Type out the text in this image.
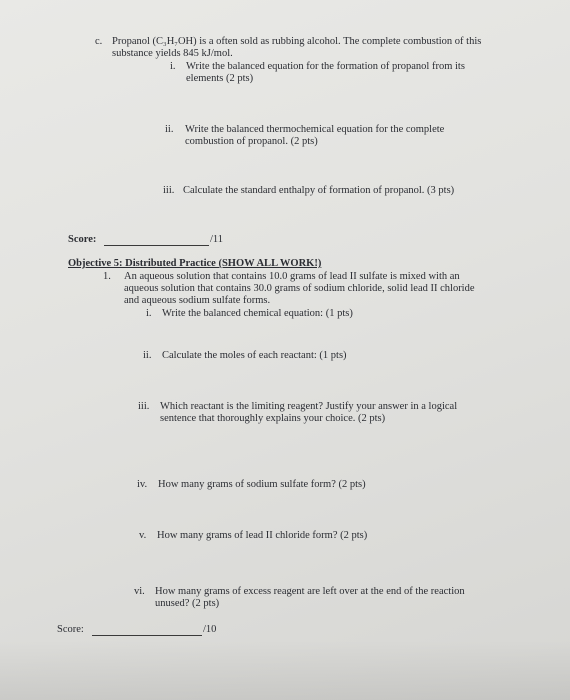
c. Propanol (C₃H₇OH) is a often sold as rubbing alcohol. The complete combustion of this
substance yields 845 kJ/mol.
i. Write the balanced equation for the formation of propanol from its
elements (2 pts)
ii. Write the balanced thermochemical equation for the complete
combustion of propanol. (2 pts)
iii. Calculate the standard enthalpy of formation of propanol. (3 pts)
Score:	/11
Objective 5: Distributed Practice (SHOW ALL WORK!)
1. An aqueous solution that contains 10.0 grams of lead II sulfate is mixed with an
aqueous solution that contains 30.0 grams of sodium chloride, solid lead II chloride
and aqueous sodium sulfate forms.
i. Write the balanced chemical equation: (1 pts)
ii. Calculate the moles of each reactant: (1 pts)
iii. Which reactant is the limiting reagent? Justify your answer in a logical
sentence that thoroughly explains your choice. (2 pts)
iv. How many grams of sodium sulfate form? (2 pts)
v. How many grams of lead II chloride form? (2 pts)
vi. How many grams of excess reagent are left over at the end of the reaction
unused? (2 pts)
Score:	/10
